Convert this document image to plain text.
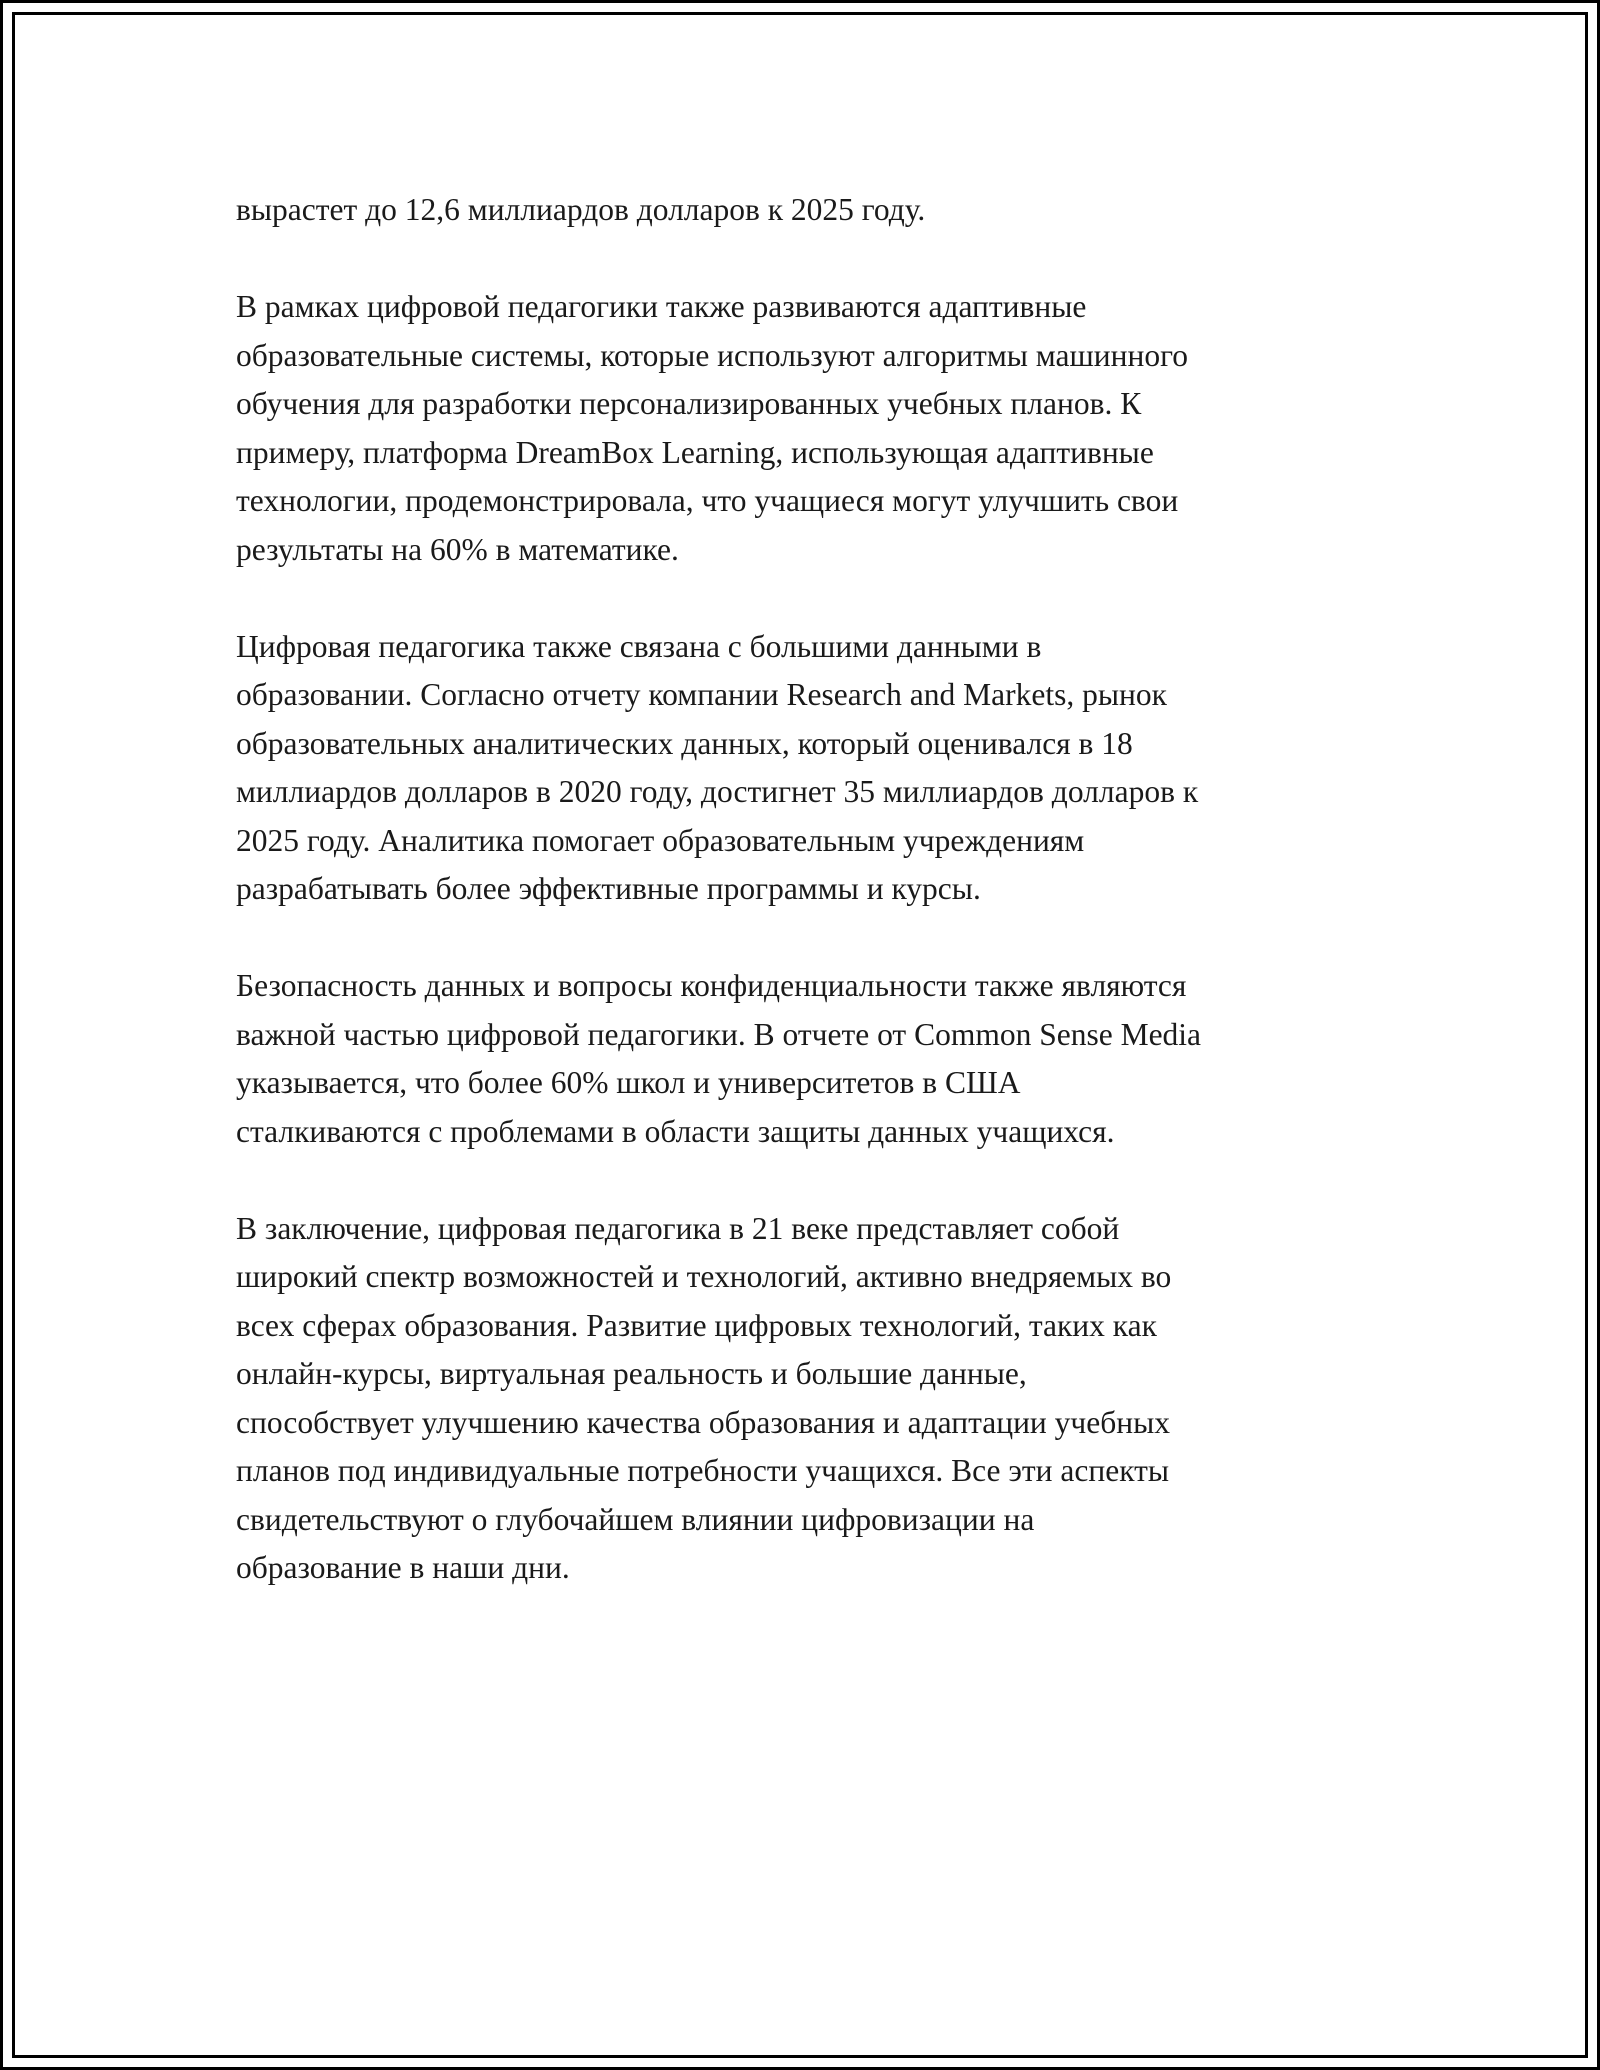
вырастет до 12,6 миллиардов долларов к 2025 году.

В рамках цифровой педагогики также развиваются адаптивные
образовательные системы, которые используют алгоритмы машинного
обучения для разработки персонализированных учебных планов. К
примеру, платформа DreamBox Learning, использующая адаптивные
технологии, продемонстрировала, что учащиеся могут улучшить свои
результаты на 60% в математике.

Цифровая педагогика также связана с большими данными в
образовании. Согласно отчету компании Research and Markets, рынок
образовательных аналитических данных, который оценивался в 18
миллиардов долларов в 2020 году, достигнет 35 миллиардов долларов к
2025 году. Аналитика помогает образовательным учреждениям
разрабатывать более эффективные программы и курсы.

Безопасность данных и вопросы конфиденциальности также являются
важной частью цифровой педагогики. В отчете от Common Sense Media
указывается, что более 60% школ и университетов в США
сталкиваются с проблемами в области защиты данных учащихся.

В заключение, цифровая педагогика в 21 веке представляет собой
широкий спектр возможностей и технологий, активно внедряемых во
всех сферах образования. Развитие цифровых технологий, таких как
онлайн-курсы, виртуальная реальность и большие данные,
способствует улучшению качества образования и адаптации учебных
планов под индивидуальные потребности учащихся. Все эти аспекты
свидетельствуют о глубочайшем влиянии цифровизации на
образование в наши дни.
